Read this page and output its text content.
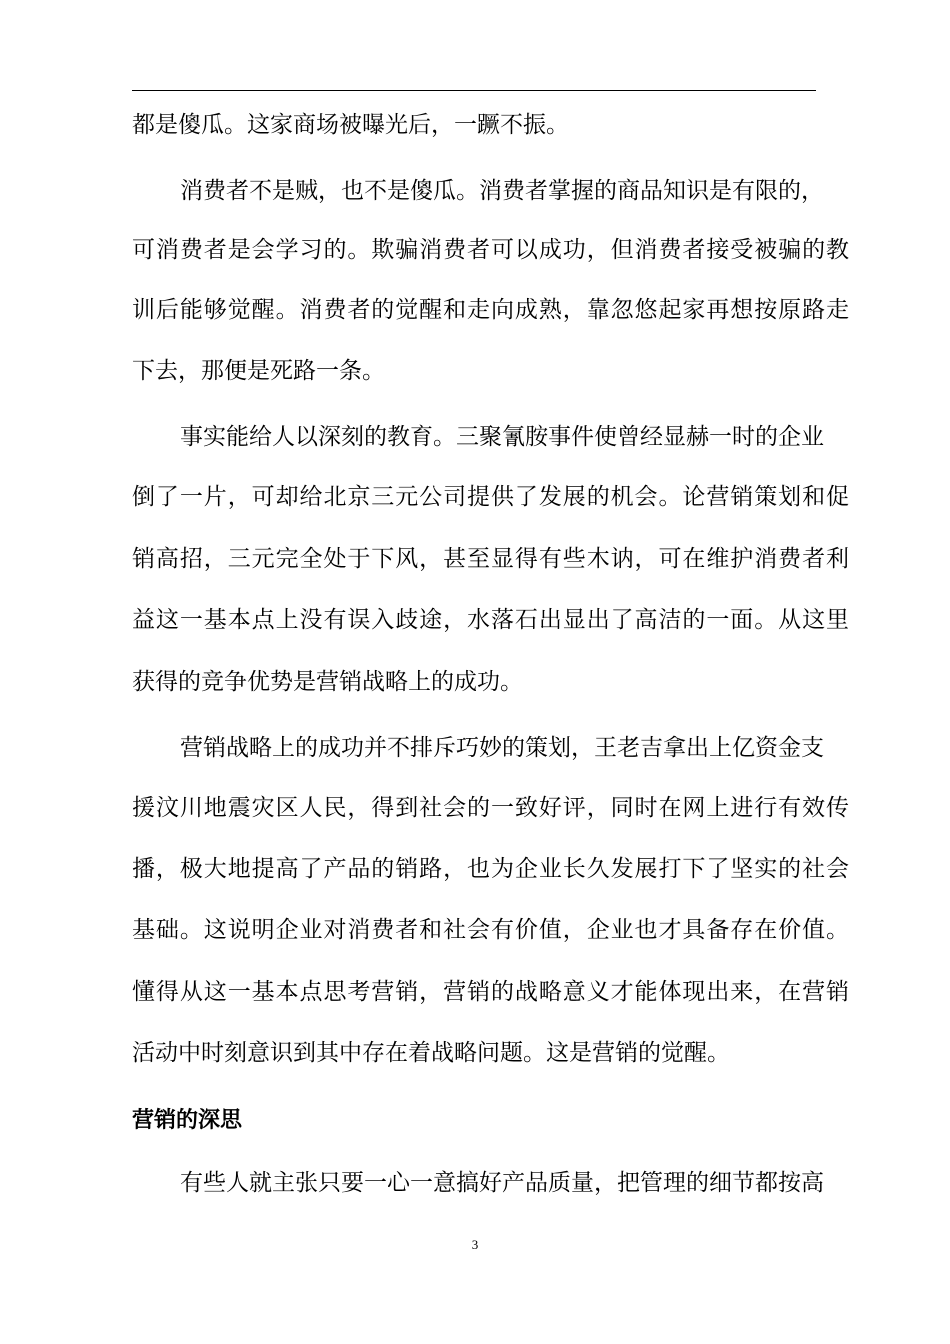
都是傻瓜。这家商场被曝光后，一蹶不振。
消费者不是贼，也不是傻瓜。消费者掌握的商品知识是有限的，
可消费者是会学习的。欺骗消费者可以成功，但消费者接受被骗的教
训后能够觉醒。消费者的觉醒和走向成熟，靠忽悠起家再想按原路走
下去，那便是死路一条。
事实能给人以深刻的教育。三聚氰胺事件使曾经显赫一时的企业
倒了一片，可却给北京三元公司提供了发展的机会。论营销策划和促
销高招，三元完全处于下风，甚至显得有些木讷，可在维护消费者利
益这一基本点上没有误入歧途，水落石出显出了高洁的一面。从这里
获得的竞争优势是营销战略上的成功。
营销战略上的成功并不排斥巧妙的策划，王老吉拿出上亿资金支
援汶川地震灾区人民，得到社会的一致好评，同时在网上进行有效传
播，极大地提高了产品的销路，也为企业长久发展打下了坚实的社会
基础。这说明企业对消费者和社会有价值，企业也才具备存在价值。
懂得从这一基本点思考营销，营销的战略意义才能体现出来，在营销
活动中时刻意识到其中存在着战略问题。这是营销的觉醒。
营销的深思
有些人就主张只要一心一意搞好产品质量，把管理的细节都按高
3
